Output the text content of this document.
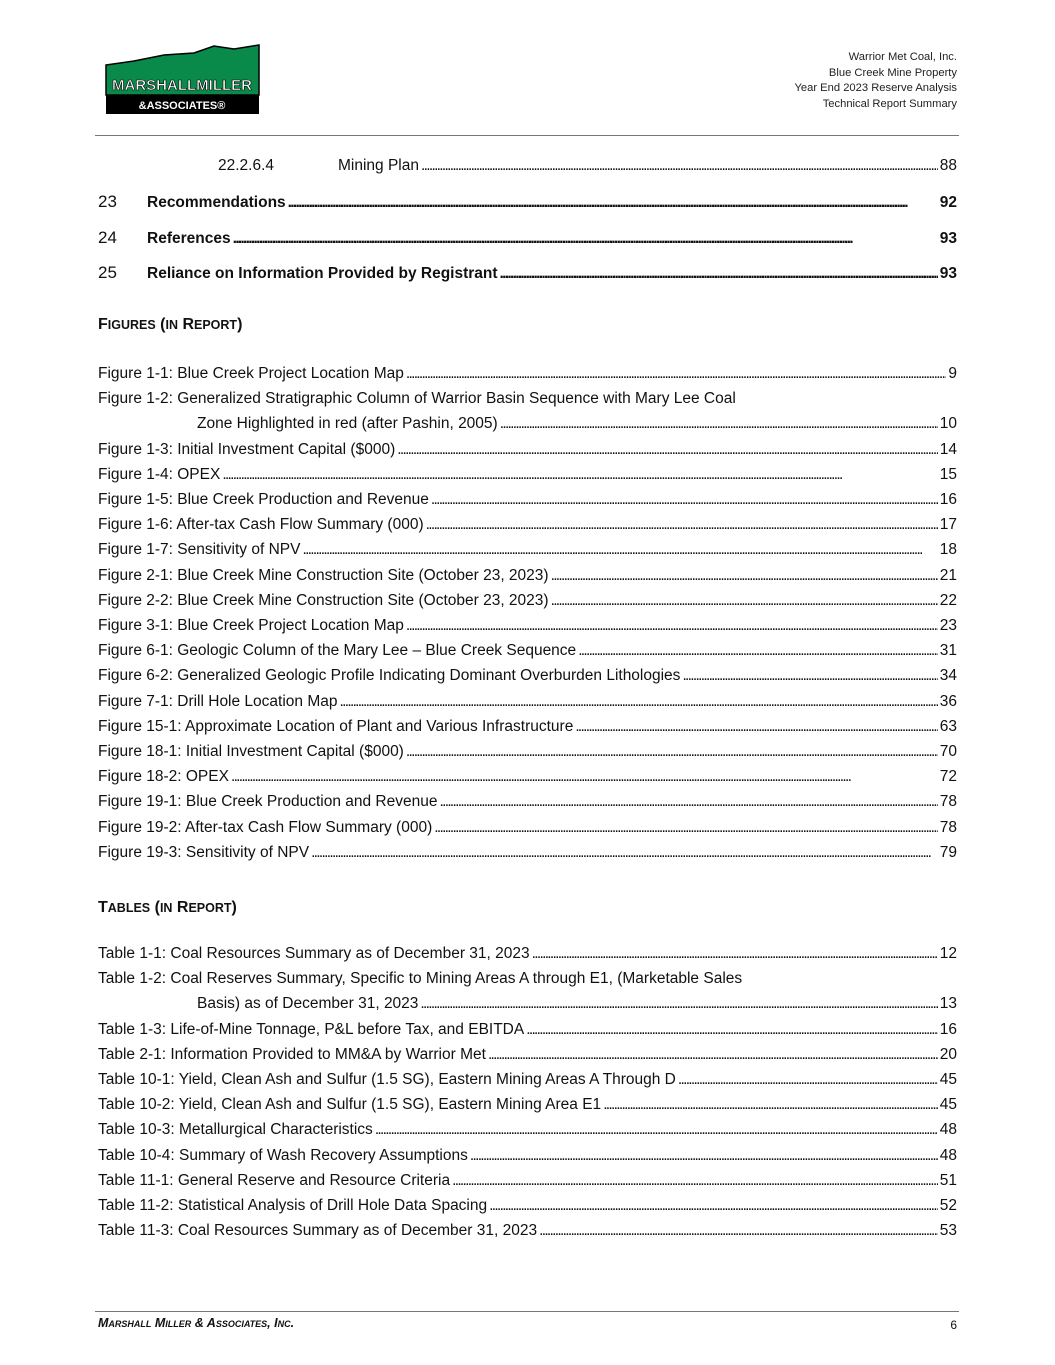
MARSHALLMILLER
&ASSOCIATES®
Warrior Met Coal, Inc.
Blue Creek Mine Property
Year End 2023 Reserve Analysis
Technical Report Summary
22.2.6.4	Mining Plan . . .	88
23	Recommendations . . .	92
24	References . . .	93
25	Reliance on Information Provided by Registrant . . .	93
FIGURES (IN REPORT)
Figure 1-1: Blue Creek Project Location Map . . .	9
Figure 1-2: Generalized Stratigraphic Column of Warrior Basin Sequence with Mary Lee Coal
Zone Highlighted in red (after Pashin, 2005) . . .	10
Figure 1-3: Initial Investment Capital ($000) . . .	14
Figure 1-4: OPEX . . .	15
Figure 1-5: Blue Creek Production and Revenue . . .	16
Figure 1-6: After-tax Cash Flow Summary (000) . . .	17
Figure 1-7: Sensitivity of NPV . . .	18
Figure 2-1: Blue Creek Mine Construction Site (October 23, 2023) . . .	21
Figure 2-2: Blue Creek Mine Construction Site (October 23, 2023) . . .	22
Figure 3-1: Blue Creek Project Location Map . . .	23
Figure 6-1: Geologic Column of the Mary Lee – Blue Creek Sequence . . .	31
Figure 6-2: Generalized Geologic Profile Indicating Dominant Overburden Lithologies . . .	34
Figure 7-1: Drill Hole Location Map . . .	36
Figure 15-1: Approximate Location of Plant and Various Infrastructure . . .	63
Figure 18-1: Initial Investment Capital ($000) . . .	70
Figure 18-2: OPEX . . .	72
Figure 19-1: Blue Creek Production and Revenue . . .	78
Figure 19-2: After-tax Cash Flow Summary (000) . . .	78
Figure 19-3: Sensitivity of NPV . . .	79
TABLES (IN REPORT)
Table 1-1: Coal Resources Summary as of December 31, 2023 . . .	12
Table 1-2: Coal Reserves Summary, Specific to Mining Areas A through E1, (Marketable Sales
Basis) as of December 31, 2023 . . .	13
Table 1-3: Life-of-Mine Tonnage, P&L before Tax, and EBITDA . . .	16
Table 2-1: Information Provided to MM&A by Warrior Met . . .	20
Table 10-1: Yield, Clean Ash and Sulfur (1.5 SG), Eastern Mining Areas A Through D . . .	45
Table 10-2: Yield, Clean Ash and Sulfur (1.5 SG), Eastern Mining Area E1 . . .	45
Table 10-3: Metallurgical Characteristics . . .	48
Table 10-4: Summary of Wash Recovery Assumptions . . .	48
Table 11-1: General Reserve and Resource Criteria . . .	51
Table 11-2: Statistical Analysis of Drill Hole Data Spacing . . .	52
Table 11-3: Coal Resources Summary as of December 31, 2023 . . .	53
Marshall Miller & Associates, Inc.	6
